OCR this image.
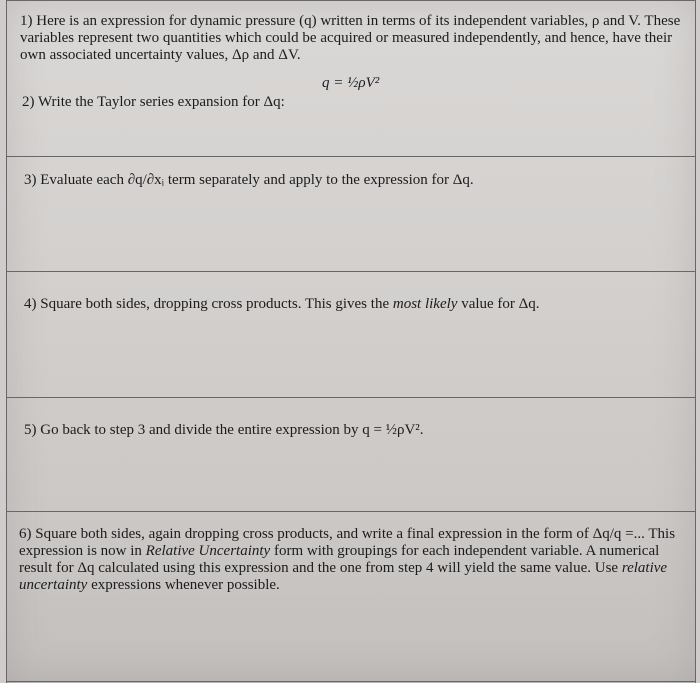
1) Here is an expression for dynamic pressure (q) written in terms of its independent variables, ρ and V. These variables represent two quantities which could be acquired or measured independently, and hence, have their own associated uncertainty values, Δρ and ΔV.
q = ½ρV²
2) Write the Taylor series expansion for Δq:
3) Evaluate each ∂q/∂xᵢ term separately and apply to the expression for Δq.
4) Square both sides, dropping cross products. This gives the most likely value for Δq.
5) Go back to step 3 and divide the entire expression by q = ½ρV².
6) Square both sides, again dropping cross products, and write a final expression in the form of Δq/q =... This expression is now in Relative Uncertainty form with groupings for each independent variable. A numerical result for Δq calculated using this expression and the one from step 4 will yield the same value. Use relative uncertainty expressions whenever possible.
